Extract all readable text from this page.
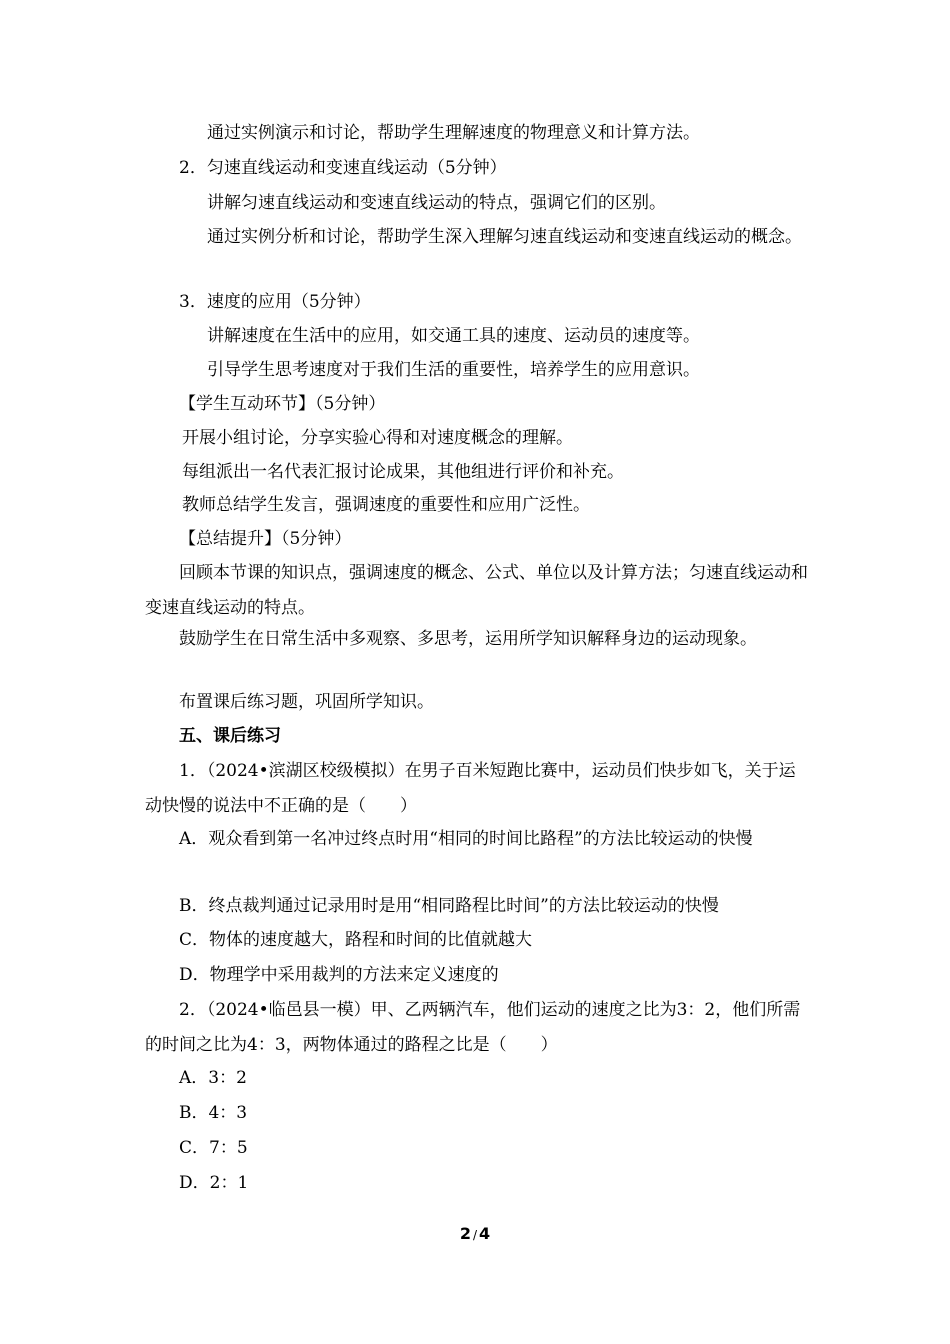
通过实例演示和讨论，帮助学生理解速度的物理意义和计算方法。
2．匀速直线运动和变速直线运动（5分钟）
讲解匀速直线运动和变速直线运动的特点，强调它们的区别。
通过实例分析和讨论，帮助学生深入理解匀速直线运动和变速直线运动的概念。
3．速度的应用（5分钟）
讲解速度在生活中的应用，如交通工具的速度、运动员的速度等。
引导学生思考速度对于我们生活的重要性，培养学生的应用意识。
【学生互动环节】（5分钟）
开展小组讨论，分享实验心得和对速度概念的理解。
每组派出一名代表汇报讨论成果，其他组进行评价和补充。
教师总结学生发言，强调速度的重要性和应用广泛性。
【总结提升】（5分钟）
回顾本节课的知识点，强调速度的概念、公式、单位以及计算方法；匀速直线运动和变速直线运动的特点。
鼓励学生在日常生活中多观察、多思考，运用所学知识解释身边的运动现象。
布置课后练习题，巩固所学知识。
五、课后练习
1．（2024•滨湖区校级模拟）在男子百米短跑比赛中，运动员们快步如飞，关于运动快慢的说法中不正确的是（　　）
A．观众看到第一名冲过终点时用“相同的时间比路程”的方法比较运动的快慢
B．终点裁判通过记录用时是用“相同路程比时间”的方法比较运动的快慢
C．物体的速度越大，路程和时间的比值就越大
D．物理学中采用裁判的方法来定义速度的
2．（2024•临邑县一模）甲、乙两辆汽车，他们运动的速度之比为3：2，他们所需的时间之比为4：3，两物体通过的路程之比是（　　）
A．3：2
B．4：3
C．7：5
D．2：1
2 / 4
